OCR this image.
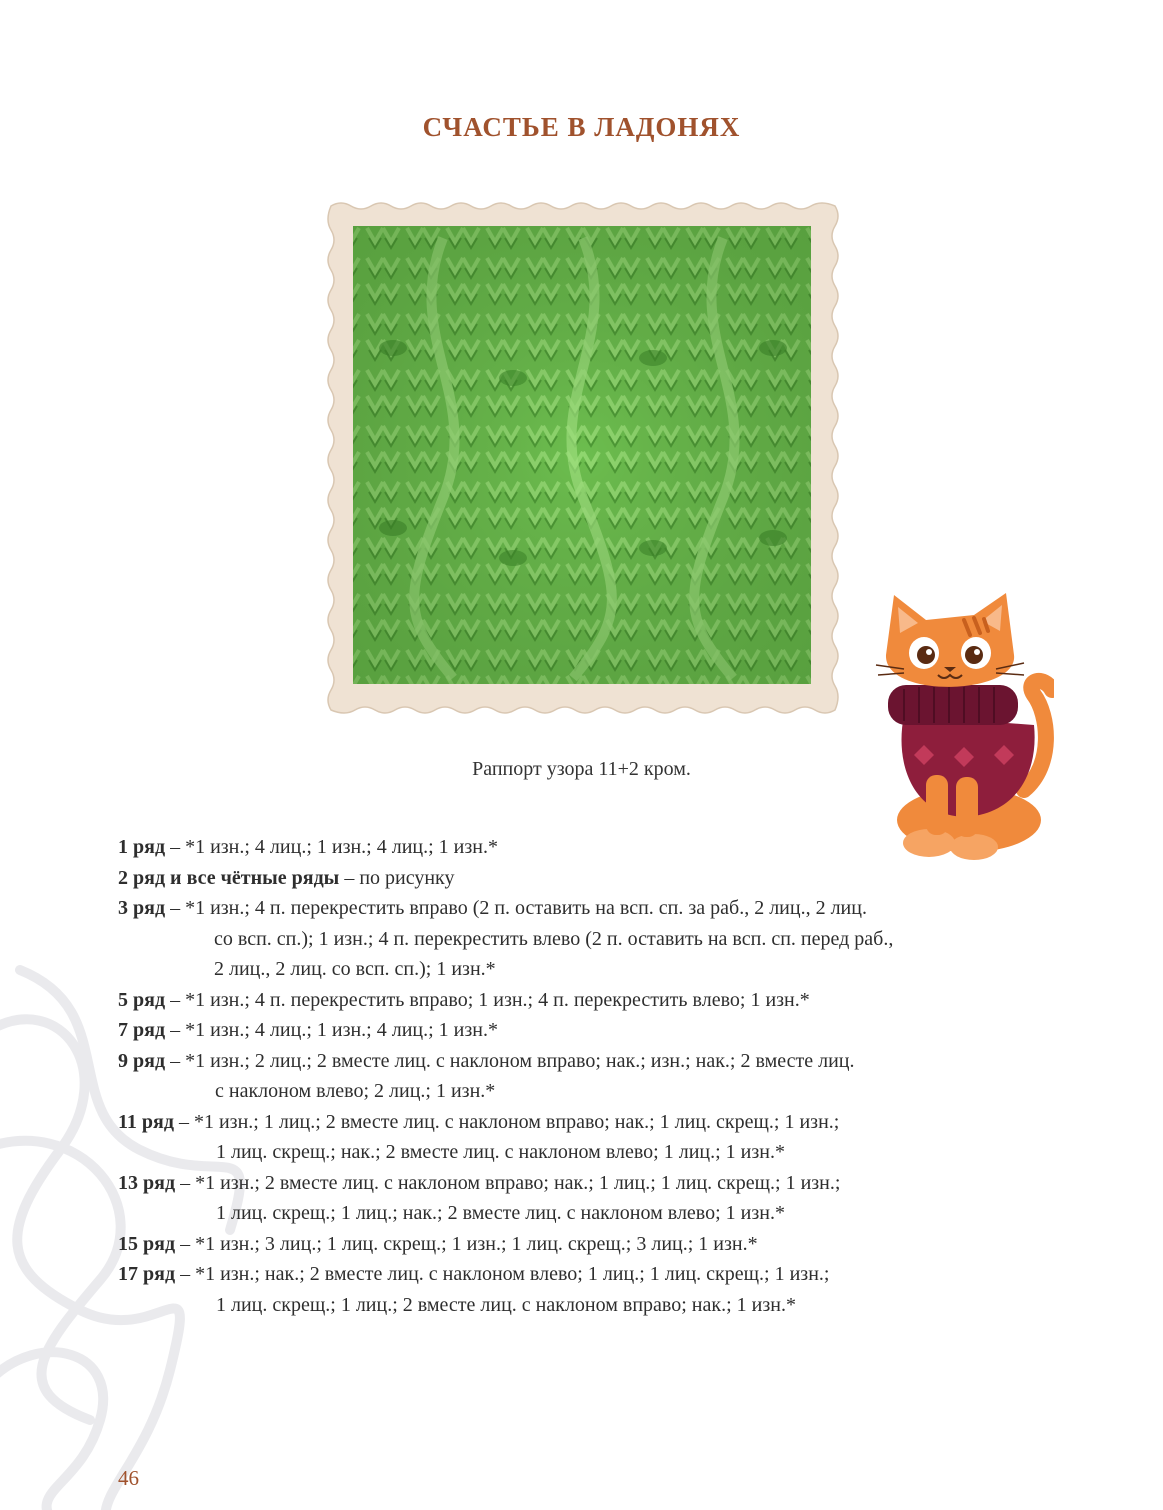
СЧАСТЬЕ В ЛАДОНЯХ
Раппорт узора 11+2 кром.

1 ряд – *1 изн.; 4 лиц.; 1 изн.; 4 лиц.; 1 изн.*

2 ряд и все чётные ряды – по рисунку

3 ряд – *1 изн.; 4 п. перекрестить вправо (2 п. оставить на всп. сп. за раб., 2 лиц., 2 лиц.

со всп. сп.); 1 изн.; 4 п. перекрестить влево (2 п. оставить на всп. сп. перед раб.,

2 лиц., 2 лиц. со всп. сп.); 1 изн.*

5 ряд – *1 изн.; 4 п. перекрестить вправо; 1 изн.; 4 п. перекрестить влево; 1 изн.*

7 ряд – *1 изн.; 4 лиц.; 1 изн.; 4 лиц.; 1 изн.*

9 ряд – *1 изн.; 2 лиц.; 2 вместе лиц. с наклоном вправо; нак.; изн.; нак.; 2 вместе лиц.

с наклоном влево; 2 лиц.; 1 изн.*

11 ряд – *1 изн.; 1 лиц.; 2 вместе лиц. с наклоном вправо; нак.; 1 лиц. скрещ.; 1 изн.;

1 лиц. скрещ.; нак.; 2 вместе лиц. с наклоном влево; 1 лиц.; 1 изн.*

13 ряд – *1 изн.; 2 вместе лиц. с наклоном вправо; нак.; 1 лиц.; 1 лиц. скрещ.; 1 изн.;

1 лиц. скрещ.; 1 лиц.; нак.; 2 вместе лиц. с наклоном влево; 1 изн.*

15 ряд – *1 изн.; 3 лиц.; 1 лиц. скрещ.; 1 изн.; 1 лиц. скрещ.; 3 лиц.; 1 изн.*

17 ряд – *1 изн.; нак.; 2 вместе лиц. с наклоном влево; 1 лиц.; 1 лиц. скрещ.; 1 изн.;

1 лиц. скрещ.; 1 лиц.; 2 вместе лиц. с наклоном вправо; нак.; 1 изн.*

46
